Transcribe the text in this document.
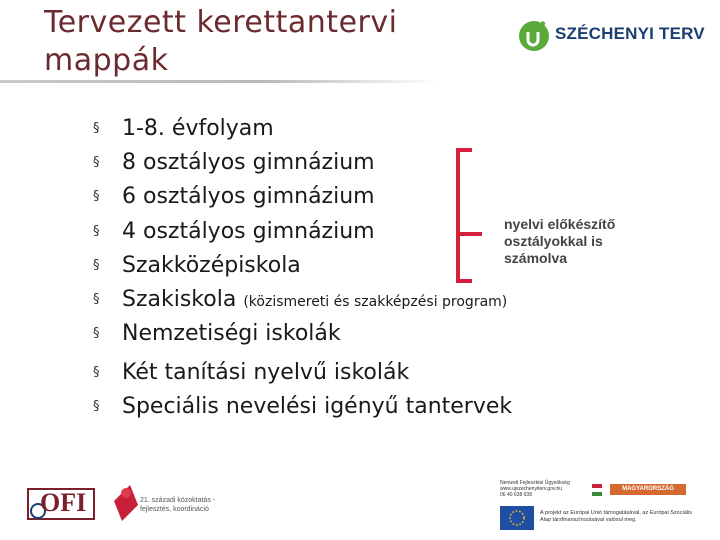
Tervezett kerettantervi mappák
SZÉCHENYI TERV
§ 1-8. évfolyam
§ 8 osztályos gimnázium
§ 6 osztályos gimnázium
§ 4 osztályos gimnázium
§ Szakközépiskola
§ Szakiskola (közismereti és szakképzési program)
§ Nemzetiségi iskolák
§ Két tanítási nyelvű iskolák
§ Speciális nevelési igényű tantervek
nyelvi előkészítő
osztályokkal is
számolva
OFI	21. századi közoktatás - fejlesztés, koordináció
Nemzeti Fejlesztési Ügynökség
www.ujszechenyiterv.gov.hu
06 40 638 638
MAGYARORSZÁG MEGÚJUL
A projekt az Európai Unió támogatásával, az Európai Szociális Alap társfinanszírozásával valósul meg.
